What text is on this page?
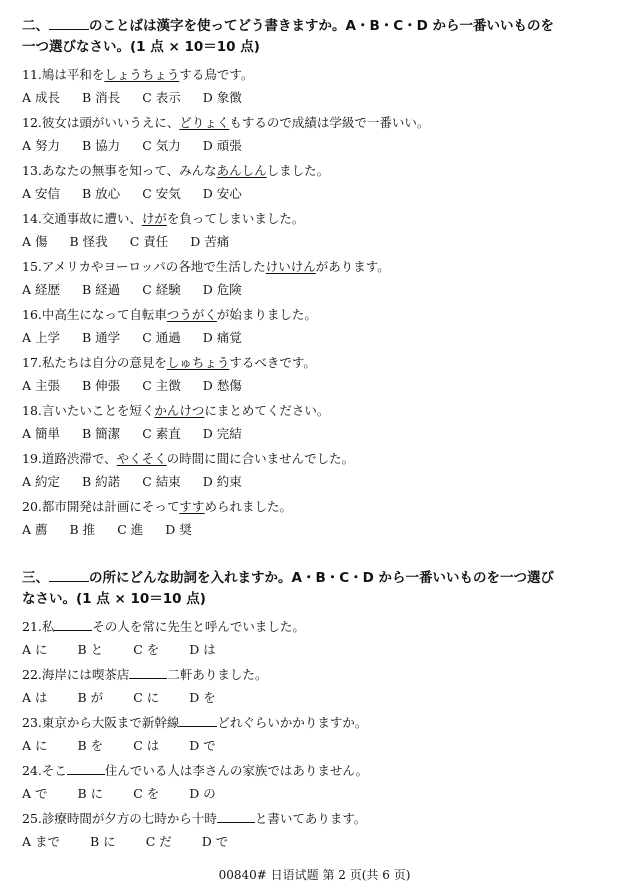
二、	のことばは漢字を使ってどう書きますか。A・B・C・D から一番いいものを

一つ選びなさい。(1 点 × 10＝10 点)

11.鳩は平和をしょうちょうする鳥です。
A 成長 B 消長 C 表示 D 象徴
12.彼女は頭がいいうえに、どりょくもするので成績は学級で一番いい。
A 努力 B 協力 C 気力 D 頑張
13.あなたの無事を知って、みんなあんしんしました。
A 安信 B 放心 C 安気 D 安心
14.交通事故に遭い、けがを負ってしまいました。
A 傷 B 怪我 C 責任 D 苦痛
15.アメリカやヨーロッパの各地で生活したけいけんがあります。
A 経歴 B 経過 C 経験 D 危険
16.中高生になって自転車つうがくが始まりました。
A 上学 B 通学 C 通過 D 痛覚
17.私たちは自分の意見をしゅちょうするべきです。
A 主張 B 伸張 C 主徴 D 愁傷
18.言いたいことを短くかんけつにまとめてください。
A 簡単 B 簡潔 C 素直 D 完結
19.道路渋滞で、やくそくの時間に間に合いませんでした。
A 約定 B 約諾 C 結束 D 約束
20.都市開発は計画にそってすすめられました。
A 薦 B 推 C 進 D 奨

三、	の所にどんな助詞を入れますか。A・B・C・D から一番いいものを一つ選び

なさい。(1 点 × 10＝10 点)

21.私	その人を常に先生と呼んでいました。
A に B と C を D は
22.海岸には喫茶店	二軒ありました。
A は B が C に D を
23.東京から大阪まで新幹線	どれぐらいかかりますか。
A に B を C は D で
24.そこ	住んでいる人は李さんの家族ではありません。
A で B に C を D の
25.診療時間が夕方の七時から十時	と書いてあります。
A まで B に C だ D で
00840# 日语试题 第 2 页(共 6 页)
